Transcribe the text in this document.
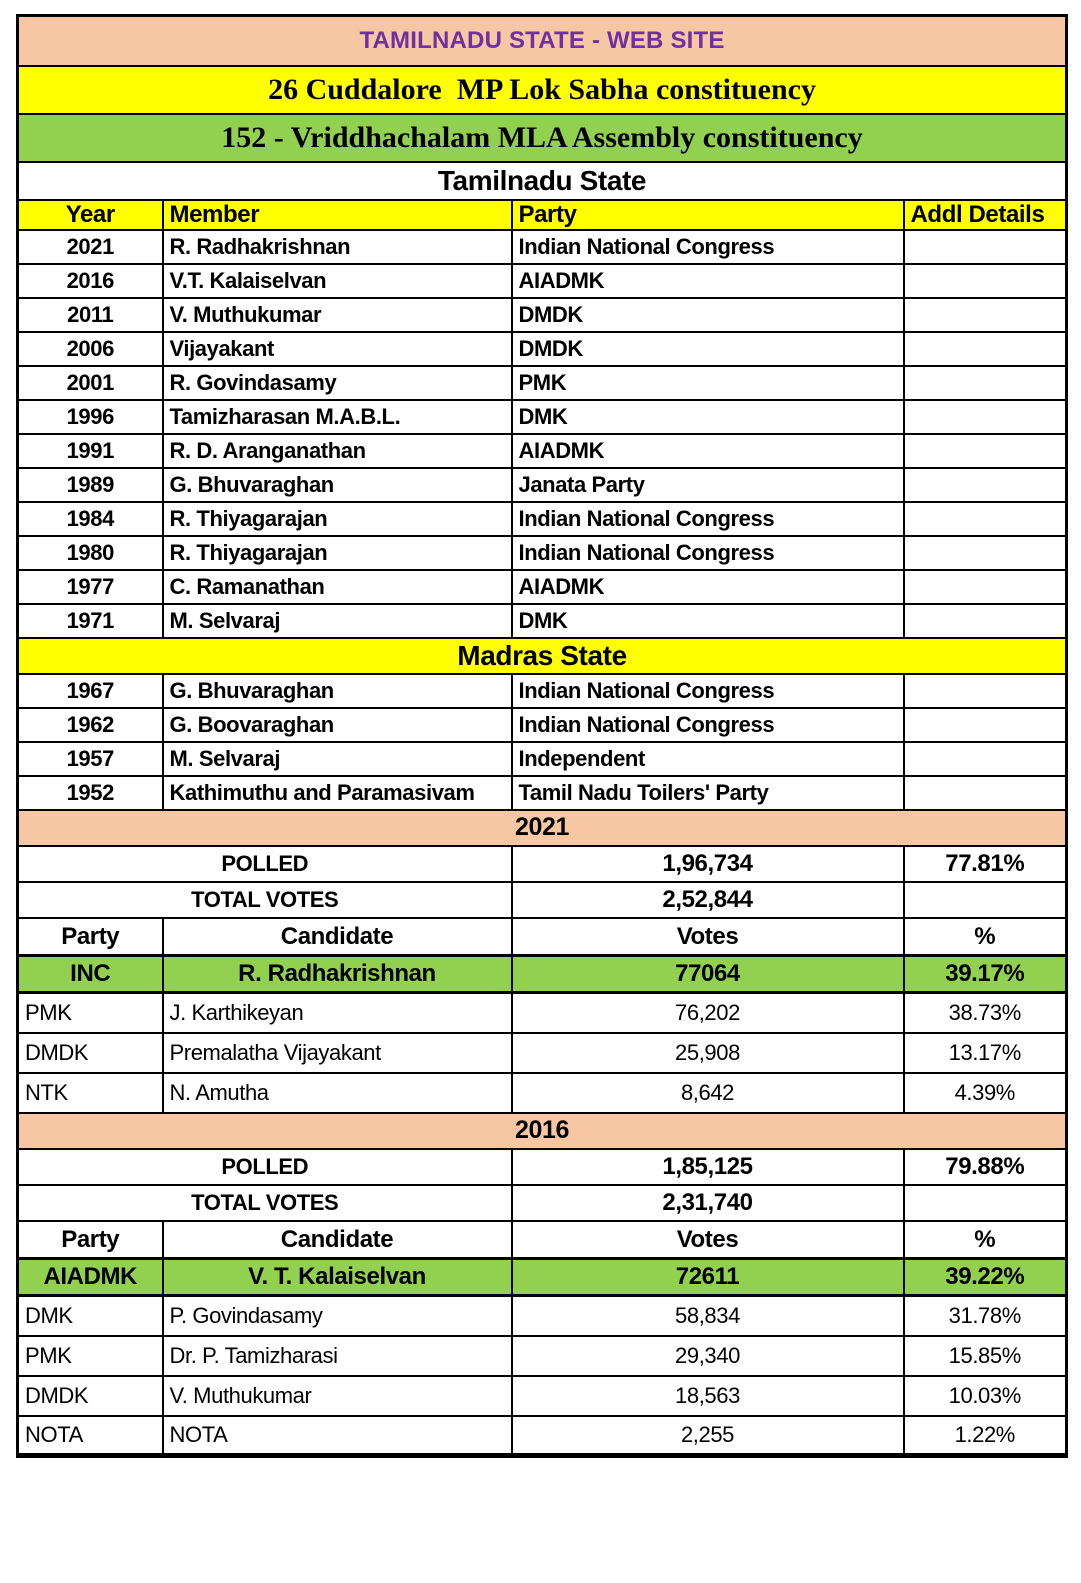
TAMILNADU STATE - WEB SITE			
26 Cuddalore  MP Lok Sabha constituency			
152 - Vriddhachalam MLA Assembly constituency			
Tamilnadu State			
Year	Member	Party	Addl Details
2021	R. Radhakrishnan	Indian National Congress	
2016	V.T. Kalaiselvan	AIADMK	
2011	V. Muthukumar	DMDK	
2006	Vijayakant	DMDK	
2001	R. Govindasamy	PMK	
1996	Tamizharasan M.A.B.L.	DMK	
1991	R. D. Aranganathan	AIADMK	
1989	G. Bhuvaraghan	Janata Party	
1984	R. Thiyagarajan	Indian National Congress	
1980	R. Thiyagarajan	Indian National Congress	
1977	C. Ramanathan	AIADMK	
1971	M. Selvaraj	DMK	
Madras State			
1967	G. Bhuvaraghan	Indian National Congress	
1962	G. Boovaraghan	Indian National Congress	
1957	M. Selvaraj	Independent	
1952	Kathimuthu and Paramasivam	Tamil Nadu Toilers' Party	
2021			
POLLED		1,96,734	77.81%
TOTAL VOTES		2,52,844	
Party	Candidate	Votes	%
INC	R. Radhakrishnan	77064	39.17%
PMK	J. Karthikeyan	76,202	38.73%
DMDK	Premalatha Vijayakant	25,908	13.17%
NTK	N. Amutha	8,642	4.39%
2016			
POLLED		1,85,125	79.88%
TOTAL VOTES		2,31,740	
Party	Candidate	Votes	%
AIADMK	V. T. Kalaiselvan	72611	39.22%
DMK	P. Govindasamy	58,834	31.78%
PMK	Dr. P. Tamizharasi	29,340	15.85%
DMDK	V. Muthukumar	18,563	10.03%
NOTA	NOTA	2,255	1.22%
